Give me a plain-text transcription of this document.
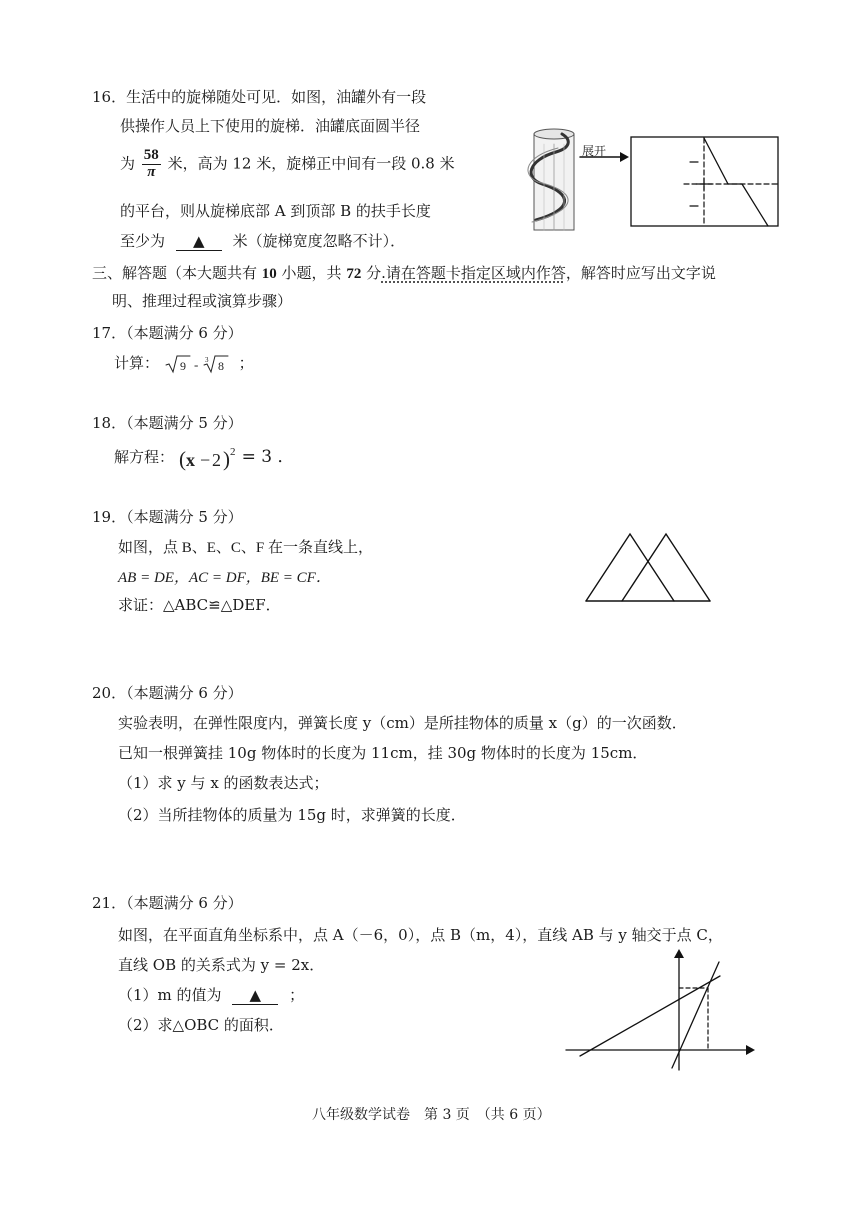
16．生活中的旋梯随处可见．如图，油罐外有一段
供操作人员上下使用的旋梯．油罐底面圆半径
为 $\frac{58}{\pi}$ 米，高为 12 米，旋梯正中间有一段 0.8 米
的平台，则从旋梯底部 A 到顶部 B 的扶手长度
至少为 ▲ 米（旋梯宽度忽略不计）．
展开
三、解答题（本大题共有 10 小题，共 72 分.请在答题卡指定区域内作答，解答时应写出文字说
明、推理过程或演算步骤）
17．（本题满分 6 分）
计算： 9 - 3 8 ；
18．（本题满分 5 分）
解方程： ( x − 2 ) 2 = 3 ．
19．（本题满分 5 分）
如图，点 B、E、C、F 在一条直线上，
AB = DE，AC = DF，BE = CF．
求证：△ABC≌△DEF．
20．（本题满分 6 分）
实验表明，在弹性限度内，弹簧长度 y（cm）是所挂物体的质量 x（g）的一次函数．
已知一根弹簧挂 10g 物体时的长度为 11cm，挂 30g 物体时的长度为 15cm．
（1）求 y 与 x 的函数表达式；
（2）当所挂物体的质量为 15g 时，求弹簧的长度．
21．（本题满分 6 分）
如图，在平面直角坐标系中，点 A（－6，0），点 B（m，4），直线 AB 与 y 轴交于点 C，
直线 OB 的关系式为 y = 2x．
（1）m 的值为 ▲ ；
（2）求△OBC 的面积．
八年级数学试卷　第 3 页　（共 6 页）
